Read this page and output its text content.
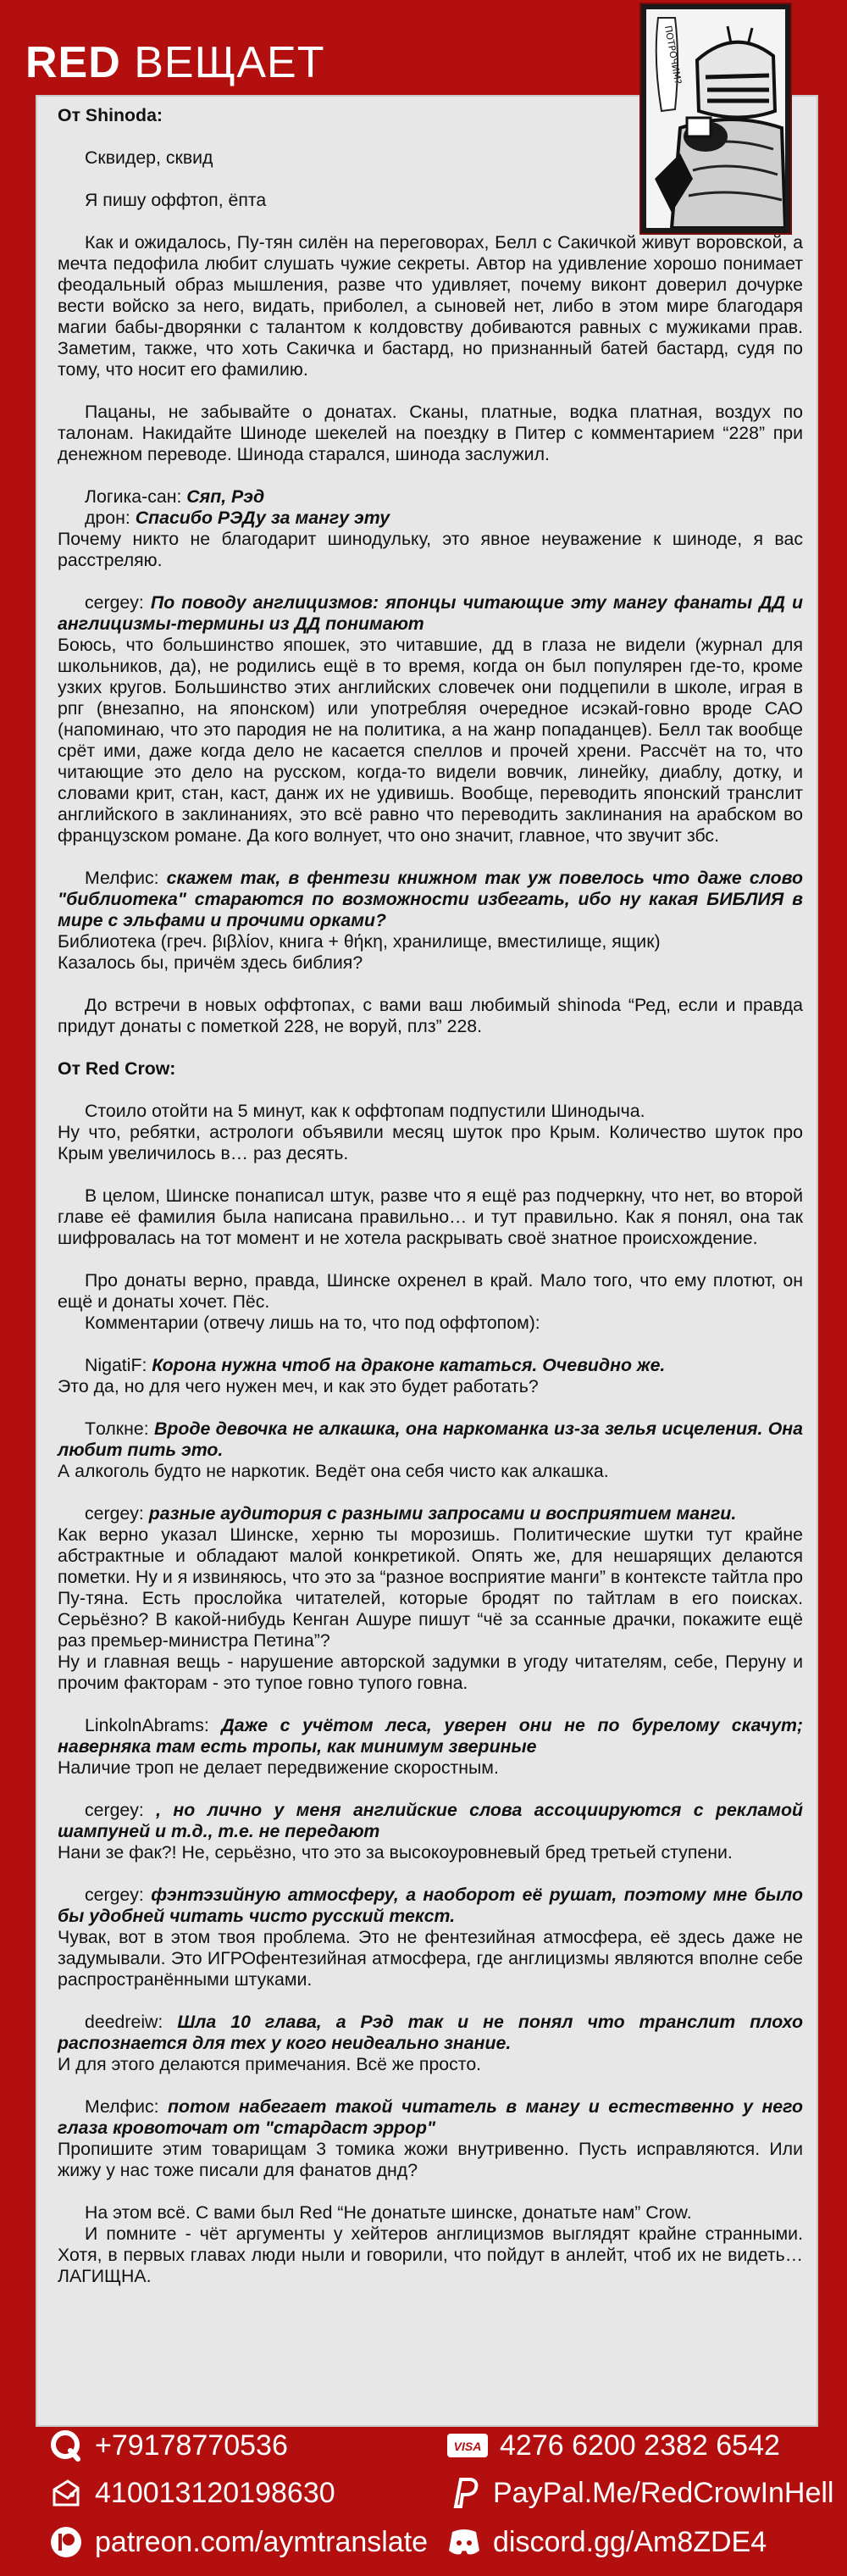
RED ВЕЩАЕТ	ПОТРОЧИМ?

От Shinoda:

Сквидер, сквид

Я пишу оффтоп, ёпта

Как и ожидалось, Пу-тян силён на переговорах, Белл с Сакичкой живут воровской, а мечта педофила любит слушать чужие секреты. Автор на удивление хорошо понимает феодальный образ мышления, разве что удивляет, почему виконт доверил дочурке вести войско за него, видать, приболел, а сыновей нет, либо в этом мире благодаря магии бабы-дворянки с талантом к колдовству добиваются равных с мужиками прав. Заметим, также, что хоть Сакичка и бастард, но признанный батей бастард, судя по тому, что носит его фамилию.

Пацаны, не забывайте о донатах. Сканы, платные, водка платная, воздух по талонам. Накидайте Шиноде шекелей на поездку в Питер с комментарием “228” при денежном переводе. Шинода старался, шинода заслужил.

Логика-сан: Сяп, Рэд

дрон: Спасибо РЭДу за мангу эту

Почему никто не благодарит шинодульку, это явное неуважение к шиноде, я вас расстреляю.

cergey: По поводу англицизмов: японцы читающие эту мангу фанаты ДД и англицизмы-термины из ДД понимают

Боюсь, что большинство япошек, это читавшие, дд в глаза не видели (журнал для школьников, да), не родились ещё в то время, когда он был популярен где-то, кроме узких кругов. Большинство этих английских словечек они подцепили в школе, играя в рпг (внезапно, на японском) или употребляя очередное исэкай-говно вроде САО (напоминаю, что это пародия не на политика, а на жанр попаданцев). Белл так вообще срёт ими, даже когда дело не касается спеллов и прочей хрени. Рассчёт на то, что читающие это дело на русском, когда-то видели вовчик, линейку, диаблу, дотку, и словами крит, стан, каст, данж их не удивишь. Вообще, переводить японский транслит английского в заклинаниях, это всё равно что переводить заклинания на арабском во французском романе. Да кого волнует, что оно значит, главное, что звучит збс.

Мелфис: скажем так, в фентези книжном так уж повелось что даже слово "библиотека" стараются по возможности избегать, ибо ну какая БИБЛИЯ в мире с эльфами и прочими орками?

Библиотека (греч. βιβλίον, книга + θήκη, хранилище, вместилище, ящик)

Казалось бы, причём здесь библия?

До встречи в новых оффтопах, с вами ваш любимый shinoda “Ред, если и правда придут донаты с пометкой 228, не воруй, плз” 228.

От Red Crow:

Стоило отойти на 5 минут, как к оффтопам подпустили Шинодыча.

Ну что, ребятки, астрологи объявили месяц шуток про Крым. Количество шуток про Крым увеличилось в… раз десять.

В целом, Шинске понаписал штук, разве что я ещё раз подчеркну, что нет, во второй главе её фамилия была написана правильно… и тут правильно. Как я понял, она так шифровалась на тот момент и не хотела раскрывать своё знатное происхождение.

Про донаты верно, правда, Шинске охренел в край. Мало того, что ему плотют, он ещё и донаты хочет. Пёс.

Комментарии (отвечу лишь на то, что под оффтопом):

NigatiF: Корона нужна чтоб на драконе кататься. Очевидно же.

Это да, но для чего нужен меч, и как это будет работать?

Tолкне: Вроде девочка не алкашка, она наркоманка из-за зелья исцеления. Она любит пить это.

А алкоголь будто не наркотик. Ведёт она себя чисто как алкашка.

cergey: разные аудитория с разными запросами и восприятием манги.

Как верно указал Шинске, херню ты морозишь. Политические шутки тут крайне абстрактные и обладают малой конкретикой. Опять же, для нешарящих делаются пометки. Ну и я извиняюсь, что это за “разное восприятие манги” в контексте тайтла про Пу-тяна. Есть прослойка читателей, которые бродят по тайтлам в его поисках. Серьёзно? В какой-нибудь Кенган Ашуре пишут “чё за ссанные драчки, покажите ещё раз премьер-министра Петина”?

Ну и главная вещь - нарушение авторской задумки в угоду читателям, себе, Перуну и прочим факторам - это тупое говно тупого говна.

LinkolnAbrams: Даже с учётом леса, уверен они не по бурелому скачут; наверняка там есть тропы, как минимум звериные

Наличие троп не делает передвижение скоростным.

cergey: , но лично у меня английские слова ассоциируются с рекламой шампуней и т.д., т.е. не передают

Нани зе фак?! Не, серьёзно, что это за высокоуровневый бред третьей ступени.

cergey: фэнтэзийную атмосферу, а наоборот её рушат, поэтому мне было бы удобней читать чисто русский текст.

Чувак, вот в этом твоя проблема. Это не фентезийная атмосфера, её здесь даже не задумывали. Это ИГРОфентезийная атмосфера, где англицизмы являются вполне себе распространёнными штуками.

deedreiw: Шла 10 глава, а Рэд так и не понял что транслит плохо распознается для тех у кого неидеально знание.

И для этого делаются примечания. Всё же просто.

Мелфис: потом набегает такой читатель в мангу и естественно у него глаза кровоточат от "стардаст эррор"

Пропишите этим товарищам 3 томика жожи внутривенно. Пусть исправляются. Или жижу у нас тоже писали для фанатов днд?

На этом всё. С вами был Red “Не донатьте шинске, донатьте нам” Crow.

И помните - чёт аргументы у хейтеров англицизмов выглядят крайне странными. Хотя, в первых главах люди ныли и говорили, что пойдут в анлейт, чтоб их не видеть… ЛАГИЩНА.

+79178770536
410013120198630
patreon.com/aymtranslate
VISA 4276 6200 2382 6542
PayPal.Me/RedCrowInHell
discord.gg/Am8ZDE4
